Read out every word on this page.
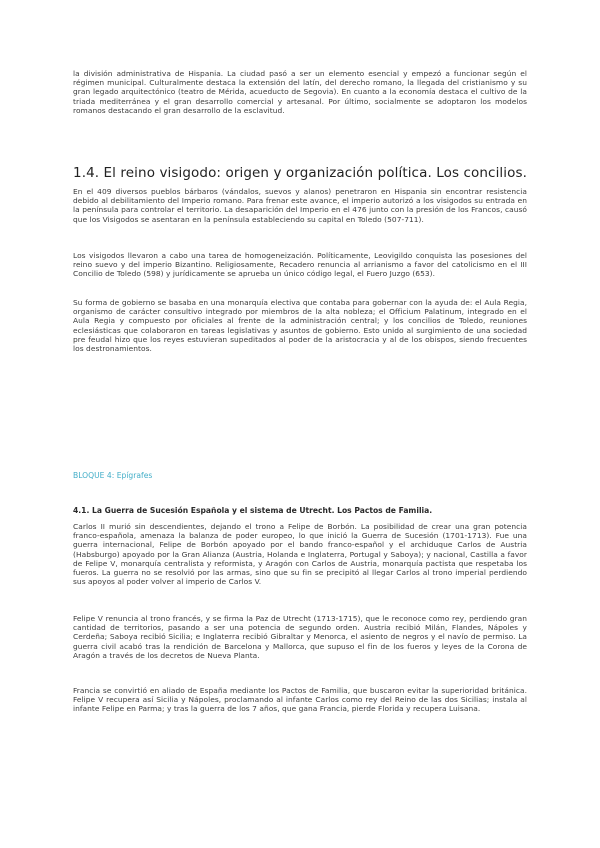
la división administrativa de Hispania. La ciudad pasó a ser un elemento esencial y empezó a funcionar según el régimen municipal. Culturalmente destaca la extensión del latín, del derecho romano, la llegada del cristianismo y su gran legado arquitectónico (teatro de Mérida, acueducto de Segovia). En cuanto a la economía destaca el cultivo de la triada mediterránea y el gran desarrollo comercial y artesanal. Por último, socialmente se adoptaron los modelos romanos destacando el gran desarrollo de la esclavitud.

1.4. El reino visigodo: origen y organización política. Los concilios.

En el 409 diversos pueblos bárbaros (vándalos, suevos y alanos) penetraron en Hispania sin encontrar resistencia debido al debilitamiento del Imperio romano. Para frenar este avance, el imperio autorizó a los visigodos su entrada en la península para controlar el territorio. La desaparición del Imperio en el 476 junto con la presión de los Francos, causó que los Visigodos se asentaran en la península estableciendo su capital en Toledo (507-711).

Los visigodos llevaron a cabo una tarea de homogeneización. Políticamente, Leovigildo conquista las posesiones del reino suevo y del imperio Bizantino. Religiosamente, Recadero renuncia al arrianismo a favor del catolicismo en el III Concilio de Toledo (598) y jurídicamente se aprueba un único código legal, el Fuero Juzgo (653).

Su forma de gobierno se basaba en una monarquía electiva que contaba para gobernar con la ayuda de: el Aula Regia, organismo de carácter consultivo integrado por miembros de la alta nobleza; el Officium Palatinum, integrado en el Aula Regia y compuesto por oficiales al frente de la administración central; y los concilios de Toledo, reuniones eclesiásticas que colaboraron en tareas legislativas y asuntos de gobierno. Esto unido al surgimiento de una sociedad pre feudal hizo que los reyes estuvieran supeditados al poder de la aristocracia y al de los obispos, siendo frecuentes los destronamientos.

BLOQUE 4: Epígrafes
4.1. La Guerra de Sucesión Española y el sistema de Utrecht. Los Pactos de Familia.

Carlos II murió sin descendientes, dejando el trono a Felipe de Borbón. La posibilidad de crear una gran potencia franco-española, amenaza la balanza de poder europeo, lo que inició la Guerra de Sucesión (1701-1713). Fue una guerra internacional, Felipe de Borbón apoyado por el bando franco-español y el archiduque Carlos de Austria (Habsburgo) apoyado por la Gran Alianza (Austria, Holanda e Inglaterra, Portugal y Saboya); y nacional, Castilla a favor de Felipe V, monarquía centralista y reformista, y Aragón con Carlos de Austria, monarquía pactista que respetaba los fueros. La guerra no se resolvió por las armas, sino que su fin se precipitó al llegar Carlos al trono imperial perdiendo sus apoyos al poder volver al imperio de Carlos V.

Felipe V renuncia al trono francés, y se firma la Paz de Utrecht (1713-1715), que le reconoce como rey, perdiendo gran cantidad de territorios, pasando a ser una potencia de segundo orden. Austria recibió Milán, Flandes, Nápoles y Cerdeña; Saboya recibió Sicilia; e Inglaterra recibió Gibraltar y Menorca, el asiento de negros y el navío de permiso. La guerra civil acabó tras la rendición de Barcelona y Mallorca, que supuso el fin de los fueros y leyes de la Corona de Aragón a través de los decretos de Nueva Planta.

Francia se convirtió en aliado de España mediante los Pactos de Familia, que buscaron evitar la superioridad británica. Felipe V recupera así Sicilia y Nápoles, proclamando al infante Carlos como rey del Reino de las dos Sicilias; instala al infante Felipe en Parma; y tras la guerra de los 7 años, que gana Francia, pierde Florida y recupera Luisana.
